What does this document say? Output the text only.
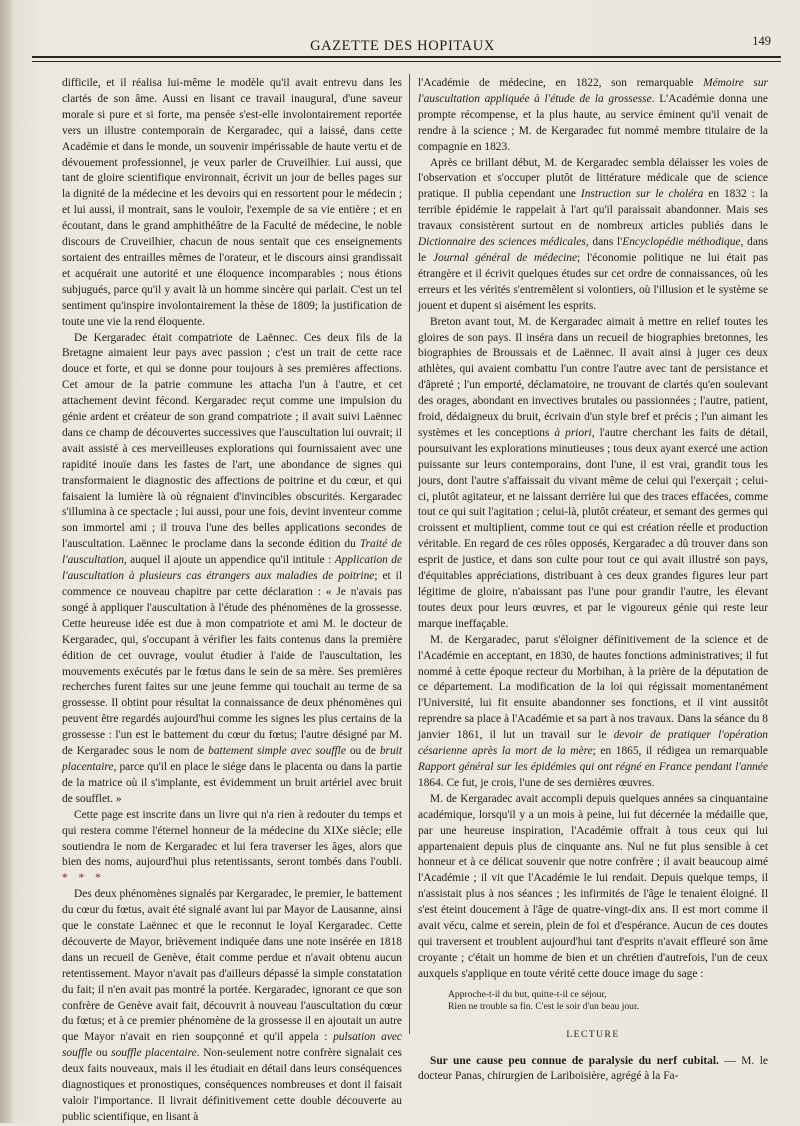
GAZETTE DES HOPITAUX	149

difficile, et il réalisa lui-même le modèle qu'il avait entrevu dans les clartés de son âme. Aussi en lisant ce travail inaugural, d'une saveur morale si pure et si forte, ma pensée s'est-elle involontairement reportée vers un illustre contemporain de Kergaradec, qui a laissé, dans cette Académie et dans le monde, un souvenir impérissable de haute vertu et de dévouement professionnel, je veux parler de Cruveilhier. Lui aussi, que tant de gloire scientifique environnait, écrivit un jour de belles pages sur la dignité de la médecine et les devoirs qui en ressortent pour le médecin ; et lui aussi, il montrait, sans le vouloir, l'exemple de sa vie entière ; et en écoutant, dans le grand amphithéâtre de la Faculté de médecine, le noble discours de Cruveilhier, chacun de nous sentait que ces enseignements sortaient des entrailles mêmes de l'orateur, et le discours ainsi grandissait et acquérait une autorité et une éloquence incomparables ; nous étions subjugués, parce qu'il y avait là un homme sincère qui parlait. C'est un tel sentiment qu'inspire involontairement la thèse de 1809; la justification de toute une vie la rend éloquente.

De Kergaradec était compatriote de Laënnec. Ces deux fils de la Bretagne aimaient leur pays avec passion ; c'est un trait de cette race douce et forte, et qui se donne pour toujours à ses premières affections. Cet amour de la patrie commune les attacha l'un à l'autre, et cet attachement devint fécond. Kergaradec reçut comme une impulsion du génie ardent et créateur de son grand compatriote ; il avait suivi Laënnec dans ce champ de découvertes successives que l'auscultation lui ouvrait; il avait assisté à ces merveilleuses explorations qui fournissaient avec une rapidité inouïe dans les fastes de l'art, une abondance de signes qui transformaient le diagnostic des affections de poitrine et du cœur, et qui faisaient la lumière là où régnaient d'invincibles obscurités. Kergaradec s'illumina à ce spectacle ; lui aussi, pour une fois, devint inventeur comme son immortel ami ; il trouva l'une des belles applications secondes de l'auscultation. Laënnec le proclame dans la seconde édition du Traité de l'auscultation, auquel il ajoute un appendice qu'il intitule : Application de l'auscultation à plusieurs cas étrangers aux maladies de poitrine; et il commence ce nouveau chapitre par cette déclaration : « Je n'avais pas songé à appliquer l'auscultation à l'étude des phénomènes de la grossesse. Cette heureuse idée est due à mon compatriote et ami M. le docteur de Kergaradec, qui, s'occupant à vérifier les faits contenus dans la première édition de cet ouvrage, voulut étudier à l'aide de l'auscultation, les mouvements exécutés par le fœtus dans le sein de sa mère. Ses premières recherches furent faites sur une jeune femme qui touchait au terme de sa grossesse. Il obtint pour résultat la connaissance de deux phénomènes qui peuvent être regardés aujourd'hui comme les signes les plus certains de la grossesse : l'un est le battement du cœur du fœtus; l'autre désigné par M. de Kergaradec sous le nom de battement simple avec souffle ou de bruit placentaire, parce qu'il en place le siége dans le placenta ou dans la partie de la matrice où il s'implante, est évidemment un bruit artériel avec bruit de soufflet. »

Cette page est inscrite dans un livre qui n'a rien à redouter du temps et qui restera comme l'éternel honneur de la médecine du XIXe siècle; elle soutiendra le nom de Kergaradec et lui fera traverser les âges, alors que bien des noms, aujourd'hui plus retentissants, seront tombés dans l'oubli. * * *

Des deux phénomènes signalés par Kergaradec, le premier, le battement du cœur du fœtus, avait été signalé avant lui par Mayor de Lausanne, ainsi que le constate Laënnec et que le reconnut le loyal Kergaradec. Cette découverte de Mayor, brièvement indiquée dans une note insérée en 1818 dans un recueil de Genève, était comme perdue et n'avait obtenu aucun retentissement. Mayor n'avait pas d'ailleurs dépassé la simple constatation du fait; il n'en avait pas montré la portée. Kergaradec, ignorant ce que son confrère de Genève avait fait, découvrit à nouveau l'auscultation du cœur du fœtus; et à ce premier phénomène de la grossesse il en ajoutait un autre que Mayor n'avait en rien soupçonné et qu'il appela : pulsation avec souffle ou souffle placentaire. Non-seulement notre confrère signalait ces deux faits nouveaux, mais il les étudiait en détail dans leurs conséquences diagnostiques et pronostiques, conséquences nombreuses et dont il faisait valoir l'importance. Il livrait définitivement cette double découverte au public scientifique, en lisant à

l'Académie de médecine, en 1822, son remarquable Mémoire sur l'auscultation appliquée à l'étude de la grossesse. L'Académie donna une prompte récompense, et la plus haute, au service éminent qu'il venait de rendre à la science ; M. de Kergaradec fut nommé membre titulaire de la compagnie en 1823.

Après ce brillant début, M. de Kergaradec sembla délaisser les voies de l'observation et s'occuper plutôt de littérature médicale que de science pratique. Il publia cependant une Instruction sur le choléra en 1832 : la terrible épidémie le rappelait à l'art qu'il paraissait abandonner. Mais ses travaux consistèrent surtout en de nombreux articles publiés dans le Dictionnaire des sciences médicales, dans l'Encyclopédie méthodique, dans le Journal général de médecine; l'économie politique ne lui était pas étrangère et il écrivit quelques études sur cet ordre de connaissances, où les erreurs et les vérités s'entremêlent si volontiers, où l'illusion et le système se jouent et dupent si aisément les esprits.

Breton avant tout, M. de Kergaradec aimait à mettre en relief toutes les gloires de son pays. Il inséra dans un recueil de biographies bretonnes, les biographies de Broussais et de Laënnec. Il avait ainsi à juger ces deux athlètes, qui avaient combattu l'un contre l'autre avec tant de persistance et d'âpreté ; l'un emporté, déclamatoire, ne trouvant de clartés qu'en soulevant des orages, abondant en invectives brutales ou passionnées ; l'autre, patient, froid, dédaigneux du bruit, écrivain d'un style bref et précis ; l'un aimant les systèmes et les conceptions à priori, l'autre cherchant les faits de détail, poursuivant les explorations minutieuses ; tous deux ayant exercé une action puissante sur leurs contemporains, dont l'une, il est vrai, grandit tous les jours, dont l'autre s'affaissait du vivant même de celui qui l'exerçait ; celui-ci, plutôt agitateur, et ne laissant derrière lui que des traces effacées, comme tout ce qui suit l'agitation ; celui-là, plutôt créateur, et semant des germes qui croissent et multiplient, comme tout ce qui est création réelle et production véritable. En regard de ces rôles opposés, Kergaradec a dû trouver dans son esprit de justice, et dans son culte pour tout ce qui avait illustré son pays, d'équitables appréciations, distribuant à ces deux grandes figures leur part légitime de gloire, n'abaissant pas l'une pour grandir l'autre, les élevant toutes deux pour leurs œuvres, et par le vigoureux génie qui reste leur marque ineffaçable.

M. de Kergaradec, parut s'éloigner définitivement de la science et de l'Académie en acceptant, en 1830, de hautes fonctions administratives; il fut nommé à cette époque recteur du Morbihan, à la prière de la députation de ce département. La modification de la loi qui régissait momentanément l'Université, lui fit ensuite abandonner ses fonctions, et il vint aussitôt reprendre sa place à l'Académie et sa part à nos travaux. Dans la séance du 8 janvier 1861, il lut un travail sur le devoir de pratiquer l'opération césarienne après la mort de la mère; en 1865, il rédigea un remarquable Rapport général sur les épidémies qui ont régné en France pendant l'année 1864. Ce fut, je crois, l'une de ses dernières œuvres.

M. de Kergaradec avait accompli depuis quelques années sa cinquantaine académique, lorsqu'il y a un mois à peine, lui fut décernée la médaille que, par une heureuse inspiration, l'Académie offrait à tous ceux qui lui appartenaient depuis plus de cinquante ans. Nul ne fut plus sensible à cet honneur et à ce délicat souvenir que notre confrère ; il avait beaucoup aimé l'Académie ; il vit que l'Académie le lui rendait. Depuis quelque temps, il n'assistait plus à nos séances ; les infirmités de l'âge le tenaient éloigné. Il s'est éteint doucement à l'âge de quatre-vingt-dix ans. Il est mort comme il avait vécu, calme et serein, plein de foi et d'espérance. Aucun de ces doutes qui traversent et troublent aujourd'hui tant d'esprits n'avait effleuré son âme croyante ; c'était un homme de bien et un chrétien d'autrefois, l'un de ceux auxquels s'applique en toute vérité cette douce image du sage :

Approche-t-il du but, quitte-t-il ce séjour,
Rien ne trouble sa fin. C'est le soir d'un beau jour.
LECTURE

Sur une cause peu connue de paralysie du nerf cubital. — M. le docteur Panas, chirurgien de Lariboisière, agrégé à la Fa-
